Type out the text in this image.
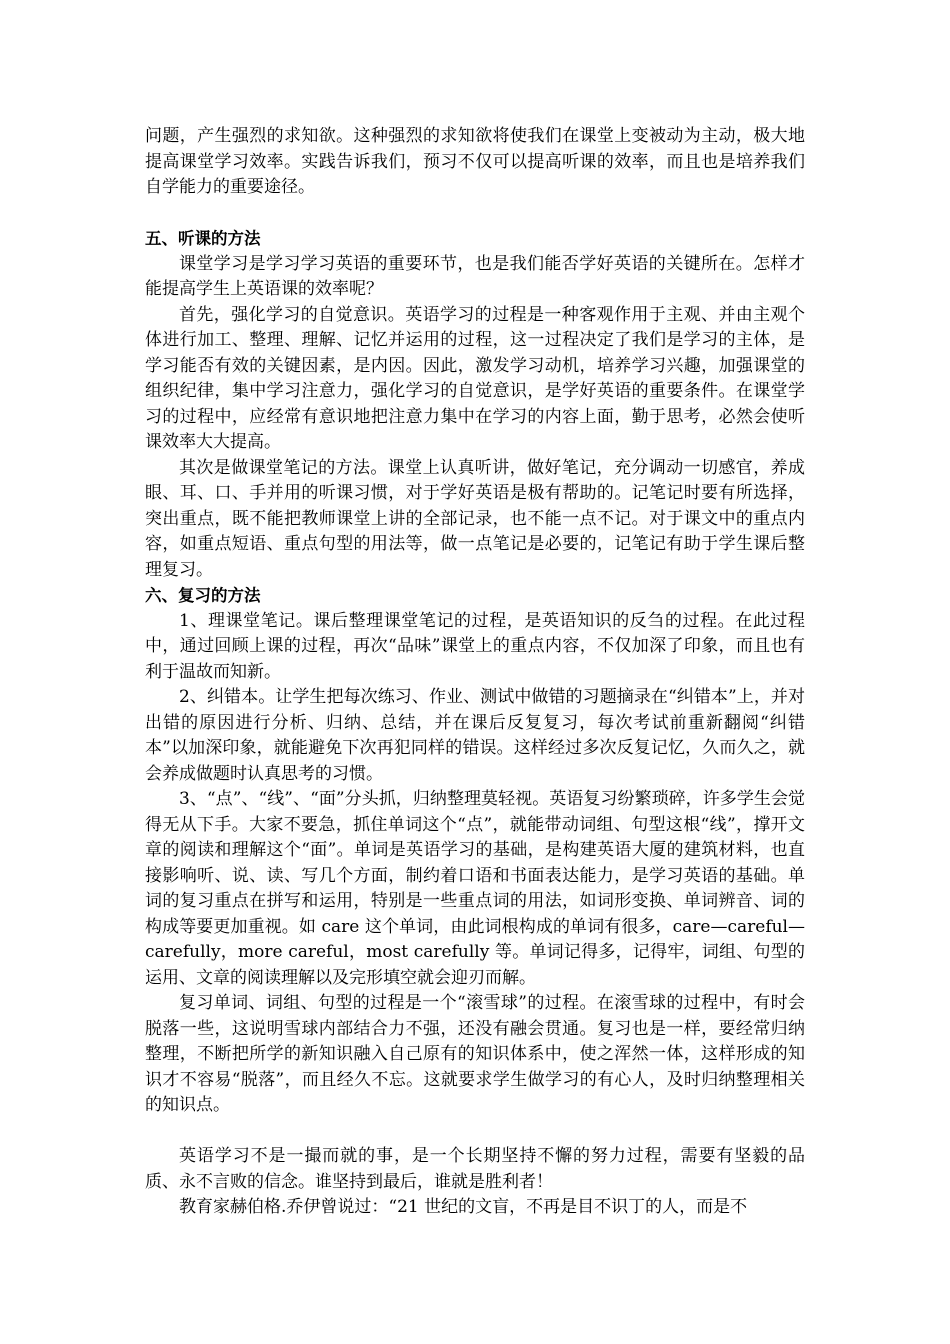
问题，产生强烈的求知欲。这种强烈的求知欲将使我们在课堂上变被动为主动，极大地提高课堂学习效率。实践告诉我们，预习不仅可以提高听课的效率，而且也是培养我们自学能力的重要途径。

五、听课的方法

课堂学习是学习学习英语的重要环节，也是我们能否学好英语的关键所在。怎样才能提高学生上英语课的效率呢？

首先，强化学习的自觉意识。英语学习的过程是一种客观作用于主观、并由主观个体进行加工、整理、理解、记忆并运用的过程，这一过程决定了我们是学习的主体，是学习能否有效的关键因素，是内因。因此，激发学习动机，培养学习兴趣，加强课堂的组织纪律，集中学习注意力，强化学习的自觉意识，是学好英语的重要条件。在课堂学习的过程中，应经常有意识地把注意力集中在学习的内容上面，勤于思考，必然会使听课效率大大提高。

其次是做课堂笔记的方法。课堂上认真听讲，做好笔记，充分调动一切感官，养成眼、耳、口、手并用的听课习惯，对于学好英语是极有帮助的。记笔记时要有所选择，突出重点，既不能把教师课堂上讲的全部记录，也不能一点不记。对于课文中的重点内容，如重点短语、重点句型的用法等，做一点笔记是必要的，记笔记有助于学生课后整理复习。

六、复习的方法

1、理课堂笔记。课后整理课堂笔记的过程，是英语知识的反刍的过程。在此过程中，通过回顾上课的过程，再次“品味”课堂上的重点内容，不仅加深了印象，而且也有利于温故而知新。

2、纠错本。让学生把每次练习、作业、测试中做错的习题摘录在“纠错本”上，并对出错的原因进行分析、归纳、总结，并在课后反复复习，每次考试前重新翻阅“纠错本”以加深印象，就能避免下次再犯同样的错误。这样经过多次反复记忆，久而久之，就会养成做题时认真思考的习惯。

3、“点”、“线”、“面”分头抓，归纳整理莫轻视。英语复习纷繁琐碎，许多学生会觉得无从下手。大家不要急，抓住单词这个“点”，就能带动词组、句型这根“线”，撑开文章的阅读和理解这个“面”。单词是英语学习的基础，是构建英语大厦的建筑材料，也直接影响听、说、读、写几个方面，制约着口语和书面表达能力，是学习英语的基础。单词的复习重点在拼写和运用，特别是一些重点词的用法，如词形变换、单词辨音、词的构成等要更加重视。如 care 这个单词，由此词根构成的单词有很多，care—careful—carefully，more careful，most carefully 等。单词记得多，记得牢，词组、句型的运用、文章的阅读理解以及完形填空就会迎刃而解。

复习单词、词组、句型的过程是一个“滚雪球”的过程。在滚雪球的过程中，有时会脱落一些，这说明雪球内部结合力不强，还没有融会贯通。复习也是一样，要经常归纳整理，不断把所学的新知识融入自己原有的知识体系中，使之浑然一体，这样形成的知识才不容易“脱落”，而且经久不忘。这就要求学生做学习的有心人，及时归纳整理相关的知识点。

英语学习不是一撮而就的事，是一个长期坚持不懈的努力过程，需要有坚毅的品质、永不言败的信念。谁坚持到最后，谁就是胜利者！

教育家赫伯格.乔伊曾说过：“21 世纪的文盲，不再是目不识丁的人，而是不
